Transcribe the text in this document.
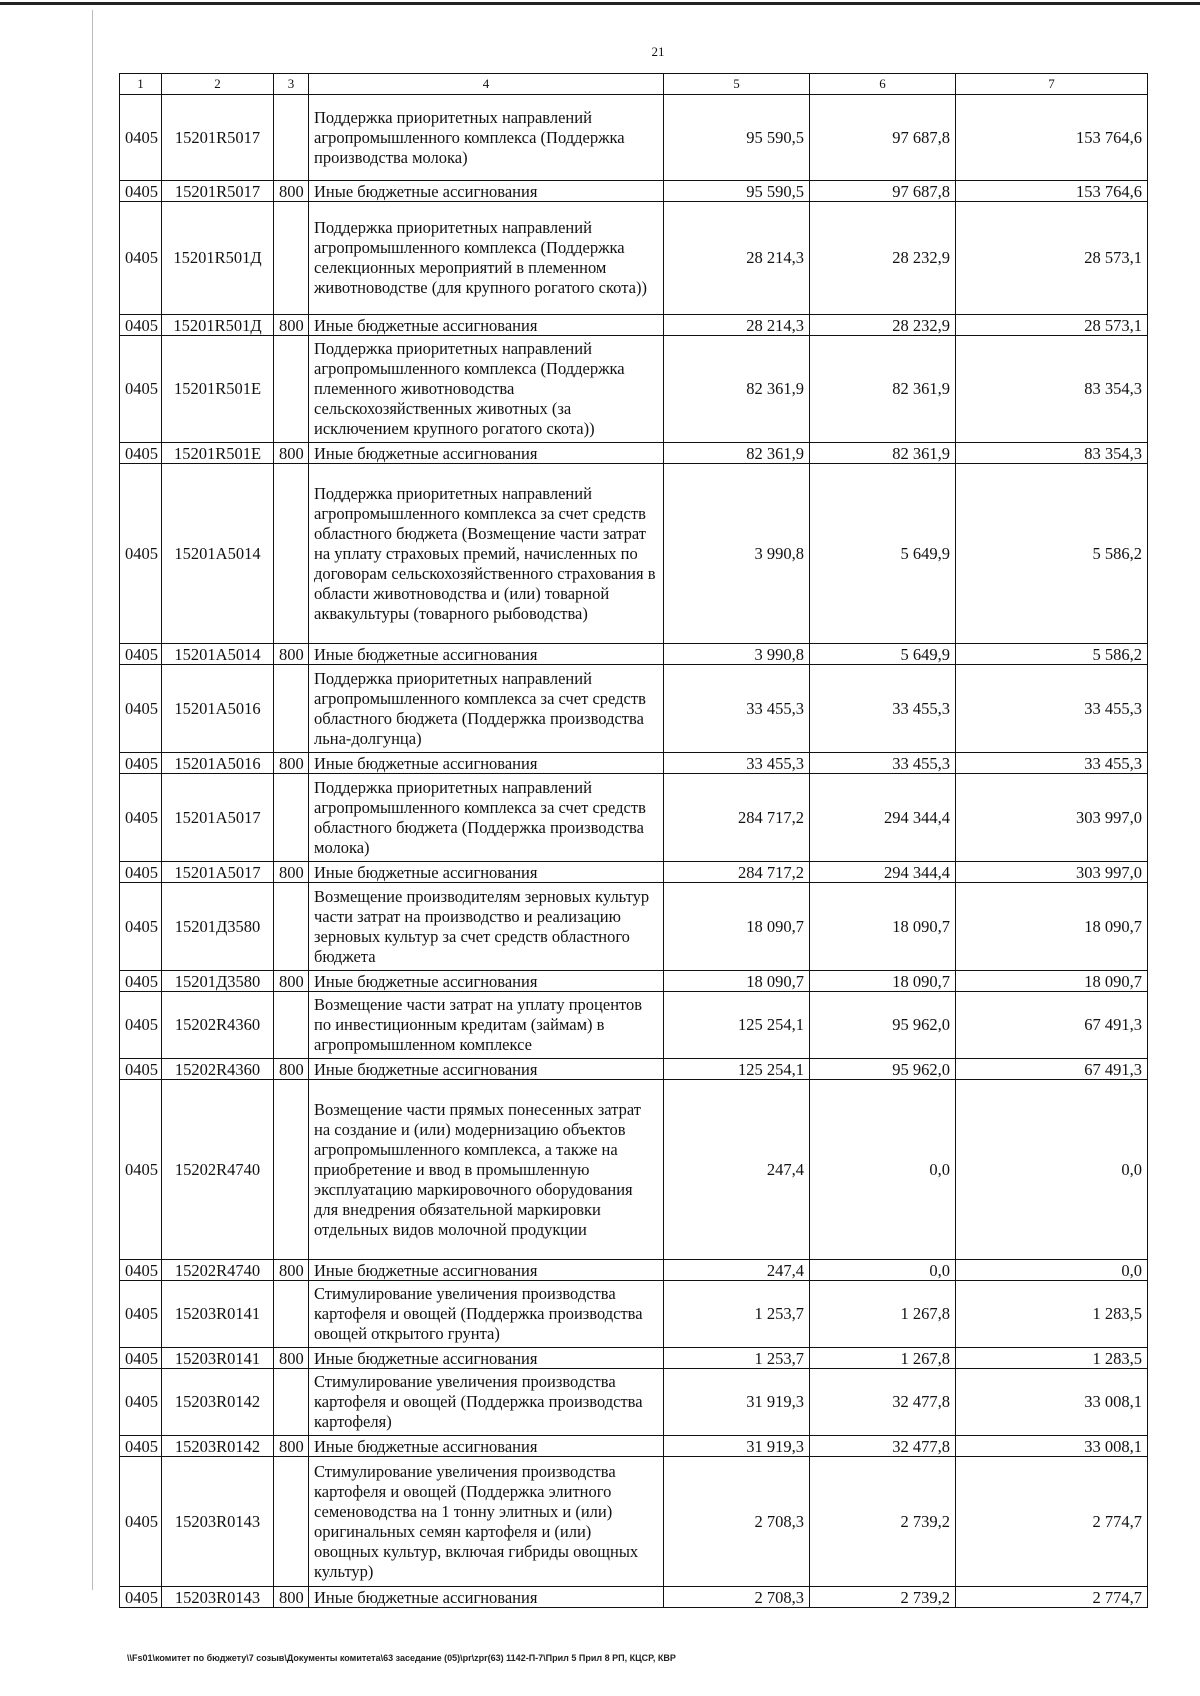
21
1	2	3	4	5	6	7
0405	15201R5017		Поддержка приоритетных направлений агропромышленного комплекса (Поддержка производства молока)	95 590,5	97 687,8	153 764,6
0405	15201R5017	800	Иные бюджетные ассигнования	95 590,5	97 687,8	153 764,6
0405	15201R501Д		Поддержка приоритетных направлений агропромышленного комплекса (Поддержка селекционных мероприятий в племенном животноводстве (для крупного рогатого скота))	28 214,3	28 232,9	28 573,1
0405	15201R501Д	800	Иные бюджетные ассигнования	28 214,3	28 232,9	28 573,1
0405	15201R501Е		Поддержка приоритетных направлений агропромышленного комплекса (Поддержка племенного животноводства сельскохозяйственных животных (за исключением крупного рогатого скота))	82 361,9	82 361,9	83 354,3
0405	15201R501Е	800	Иные бюджетные ассигнования	82 361,9	82 361,9	83 354,3
0405	15201A5014		Поддержка приоритетных направлений агропромышленного комплекса за счет средств областного бюджета (Возмещение части затрат на уплату страховых премий, начисленных по договорам сельскохозяйственного страхования в области животноводства и (или) товарной аквакультуры (товарного рыбоводства)	3 990,8	5 649,9	5 586,2
0405	15201A5014	800	Иные бюджетные ассигнования	3 990,8	5 649,9	5 586,2
0405	15201A5016		Поддержка приоритетных направлений агропромышленного комплекса за счет средств областного бюджета (Поддержка производства льна-долгунца)	33 455,3	33 455,3	33 455,3
0405	15201A5016	800	Иные бюджетные ассигнования	33 455,3	33 455,3	33 455,3
0405	15201A5017		Поддержка приоритетных направлений агропромышленного комплекса за счет средств областного бюджета (Поддержка производства молока)	284 717,2	294 344,4	303 997,0
0405	15201A5017	800	Иные бюджетные ассигнования	284 717,2	294 344,4	303 997,0
0405	15201Д3580		Возмещение производителям зерновых культур части затрат на производство и реализацию зерновых культур за счет средств областного бюджета	18 090,7	18 090,7	18 090,7
0405	15201Д3580	800	Иные бюджетные ассигнования	18 090,7	18 090,7	18 090,7
0405	15202R4360		Возмещение части затрат на уплату процентов по инвестиционным кредитам (займам) в агропромышленном комплексе	125 254,1	95 962,0	67 491,3
0405	15202R4360	800	Иные бюджетные ассигнования	125 254,1	95 962,0	67 491,3
0405	15202R4740		Возмещение части прямых понесенных затрат на создание и (или) модернизацию объектов агропромышленного комплекса, а также на приобретение и ввод в промышленную эксплуатацию маркировочного оборудования для внедрения обязательной маркировки отдельных видов молочной продукции	247,4	0,0	0,0
0405	15202R4740	800	Иные бюджетные ассигнования	247,4	0,0	0,0
0405	15203R0141		Стимулирование увеличения производства картофеля и овощей (Поддержка производства овощей открытого грунта)	1 253,7	1 267,8	1 283,5
0405	15203R0141	800	Иные бюджетные ассигнования	1 253,7	1 267,8	1 283,5
0405	15203R0142		Стимулирование увеличения производства картофеля и овощей (Поддержка производства картофеля)	31 919,3	32 477,8	33 008,1
0405	15203R0142	800	Иные бюджетные ассигнования	31 919,3	32 477,8	33 008,1
0405	15203R0143		Стимулирование увеличения производства картофеля и овощей (Поддержка элитного семеноводства на 1 тонну элитных и (или) оригинальных семян картофеля и (или) овощных культур, включая гибриды овощных культур)	2 708,3	2 739,2	2 774,7
0405	15203R0143	800	Иные бюджетные ассигнования	2 708,3	2 739,2	2 774,7
\\Fs01\комитет по бюджету\7 созыв\Документы комитета\63 заседание (05)\pr\zpr(63) 1142-П-7\Прил 5 Прил 8 РП, КЦСР, КВР
